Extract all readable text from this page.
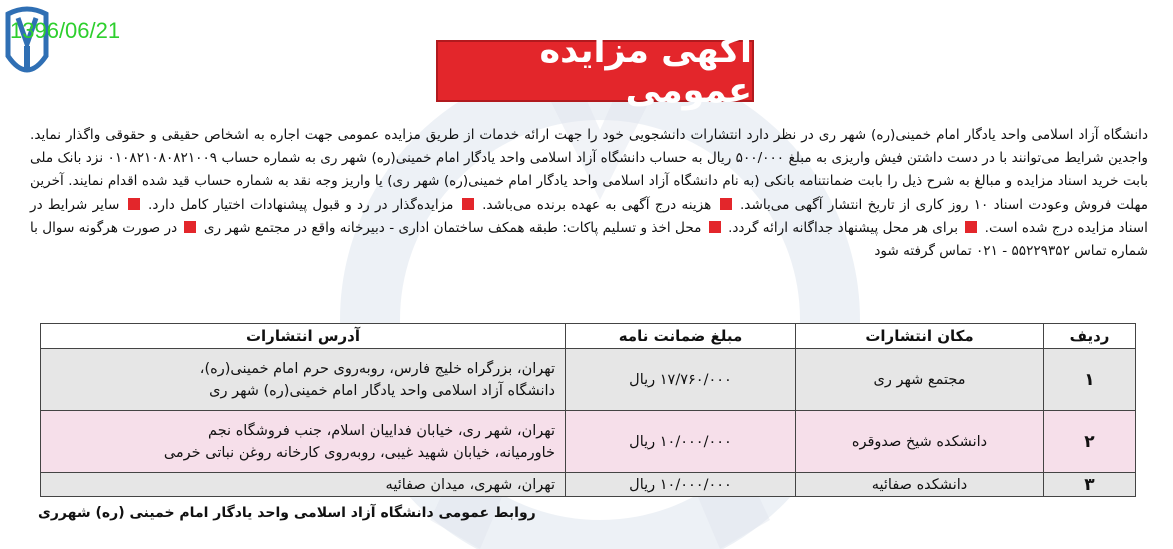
1396/06/21
آگهی مزایده عمومی
دانشگاه آزاد اسلامی واحد یادگار امام خمینی(ره) شهر ری در نظر دارد انتشارات دانشجویی خود را جهت ارائه خدمات از طریق مزایده عمومی جهت اجاره به اشخاص حقیقی و حقوقی واگذار نماید. واجدین شرایط می‌توانند با در دست داشتن فیش واریزی به مبلغ ۵۰۰/۰۰۰ ریال به حساب دانشگاه آزاد اسلامی واحد یادگار امام خمینی(ره) شهر ری به شماره حساب ۰۱۰۸۲۱۰۸۰۸۲۱۰۰۹ نزد بانک ملی بابت خرید اسناد مزایده و مبالغ به شرح ذیل را بابت ضمانتنامه بانکی (به نام دانشگاه آزاد اسلامی واحد یادگار امام خمینی(ره) شهر ری) یا واریز وجه نقد به شماره حساب قید شده اقدام نمایند. آخرین مهلت فروش وعودت اسناد ۱۰ روز کاری از تاریخ انتشار آگهی می‌باشد.  هزینه درج آگهی به عهده برنده می‌باشد.  مزایده‌گذار در رد و قبول پیشنهادات اختیار کامل دارد.  سایر شرایط در اسناد مزایده درج شده است.  برای هر محل پیشنهاد جداگانه ارائه گردد.  محل اخذ و تسلیم پاکات: طبقه همکف ساختمان اداری - دبیرخانه واقع در مجتمع شهر ری  در صورت هرگونه سوال با شماره تماس ۵۵۲۲۹۳۵۲ - ۰۲۱ تماس گرفته شود
ردیف	مکان انتشارات	مبلغ ضمانت نامه	آدرس انتشارات
۱	مجتمع شهر ری	۱۷/۷۶۰/۰۰۰ ریال	تهران، بزرگراه خلیج فارس، روبه‌روی حرم امام خمینی(ره)،
دانشگاه آزاد اسلامی واحد یادگار امام خمینی(ره) شهر ری

۲	دانشکده شیخ صدوقره	۱۰/۰۰۰/۰۰۰ ریال	تهران، شهر ری، خیابان فداییان اسلام، جنب فروشگاه نجم
خاورمیانه، خیابان شهید غیبی، روبه‌روی کارخانه روغن نباتی خرمی

۳	دانشکده صفائیه	۱۰/۰۰۰/۰۰۰ ریال	تهران، شهری، میدان صفائیه
روابط عمومی دانشگاه آزاد اسلامی واحد یادگار امام خمینی (ره) شهرری
